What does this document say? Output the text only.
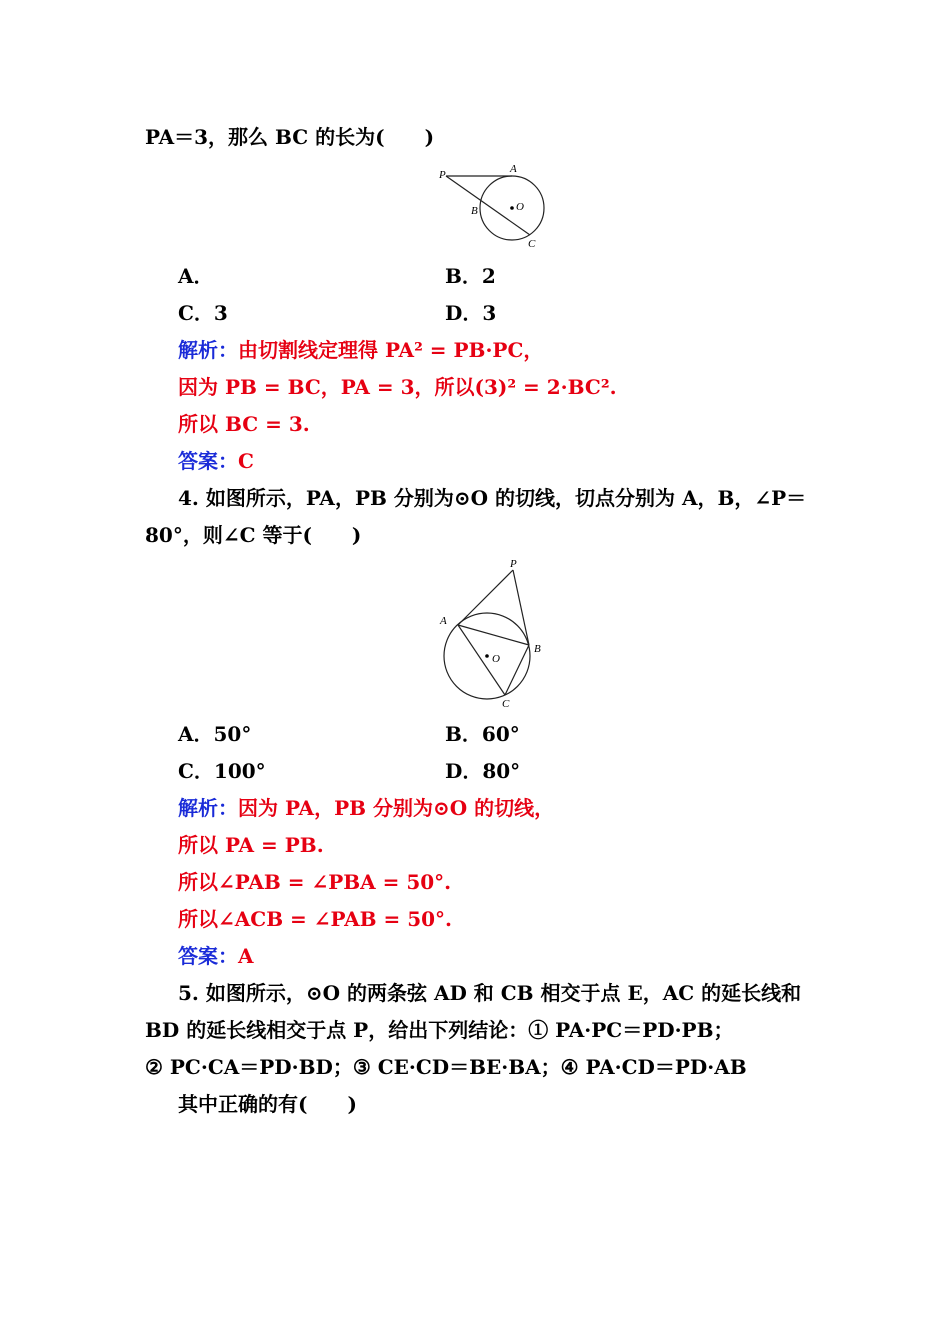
PA＝3，那么 BC 的长为(　　)
P	A
B	O
C
A．	B．2
C．3	D．3
解析：由切割线定理得 PA² = PB·PC，
因为 PB = BC，PA = 3，所以(3)² = 2·BC².
所以 BC = 3.
答案：C
4. 如图所示，PA，PB 分别为⊙O 的切线，切点分别为 A，B，∠P＝
80°，则∠C 等于(　　)
P
A
B
O
C
A．50°	B．60°
C．100°	D．80°
解析：因为 PA，PB 分别为⊙O 的切线，
所以 PA = PB.
所以∠PAB = ∠PBA = 50°.
所以∠ACB = ∠PAB = 50°.
答案：A
5. 如图所示，⊙O 的两条弦 AD 和 CB 相交于点 E，AC 的延长线和
BD 的延长线相交于点 P，给出下列结论：① PA·PC＝PD·PB；
② PC·CA＝PD·BD；③ CE·CD＝BE·BA；④ PA·CD＝PD·AB
其中正确的有(　　)
